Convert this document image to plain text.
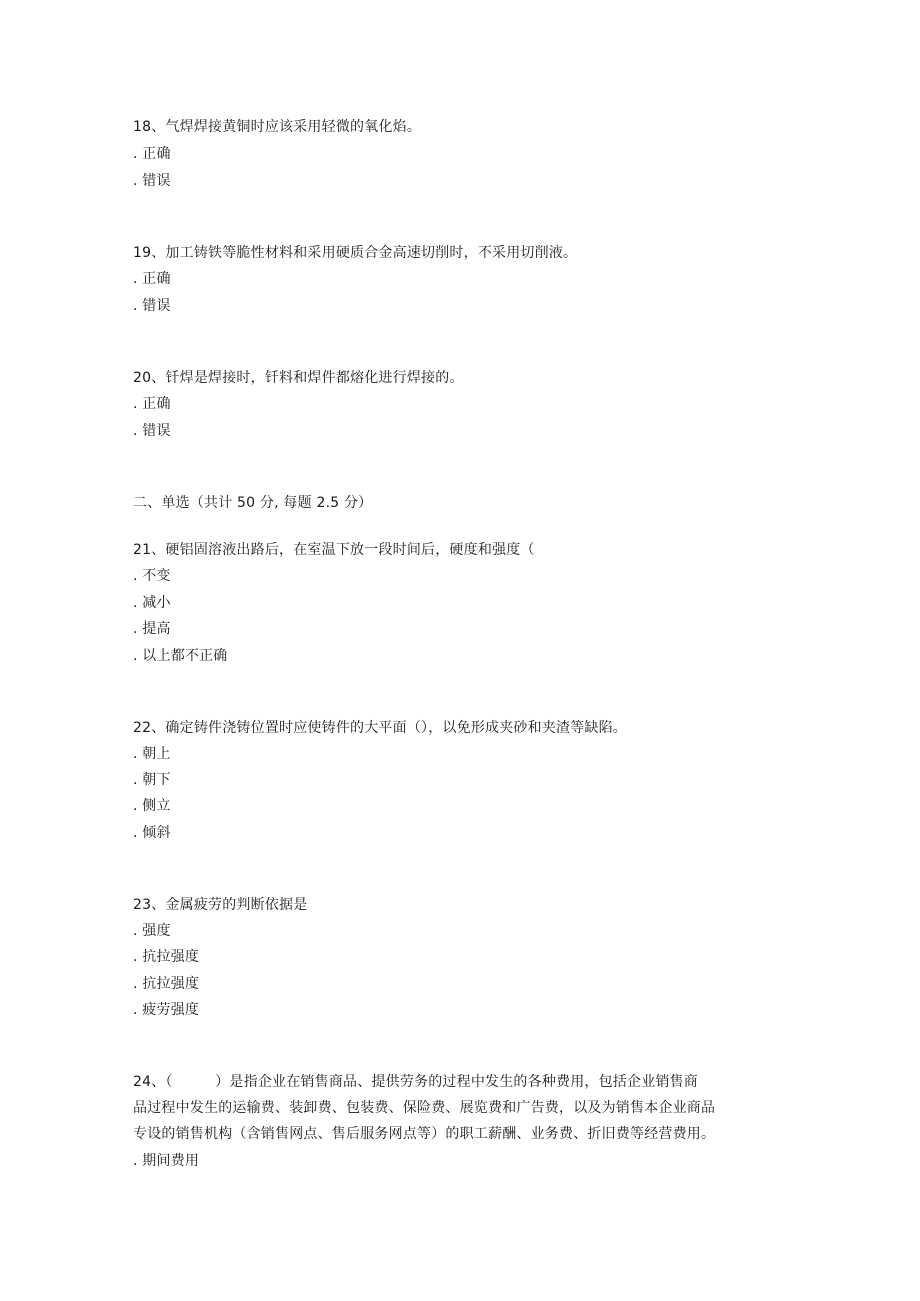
18、气焊焊接黄铜时应该采用轻微的氧化焰。
. 正确
. 错误
19、加工铸铁等脆性材料和采用硬质合金高速切削时，不采用切削液。
. 正确
. 错误
20、钎焊是焊接时，钎料和焊件都熔化进行焊接的。
. 正确
. 错误
二、单选（共计 50 分, 每题 2.5 分）
21、硬铝固溶液出路后，在室温下放一段时间后，硬度和强度（
. 不变
. 减小
. 提高
. 以上都不正确
22、确定铸件浇铸位置时应使铸件的大平面（），以免形成夹砂和夹渣等缺陷。
. 朝上
. 朝下
. 侧立
. 倾斜
23、金属疲劳的判断依据是
. 强度
. 抗拉强度
. 抗拉强度
. 疲劳强度
24、（　　　）是指企业在销售商品、提供劳务的过程中发生的各种费用，包括企业销售商
品过程中发生的运输费、装卸费、包装费、保险费、展览费和广告费，以及为销售本企业商品
专设的销售机构（含销售网点、售后服务网点等）的职工薪酬、业务费、折旧费等经营费用。
. 期间费用
